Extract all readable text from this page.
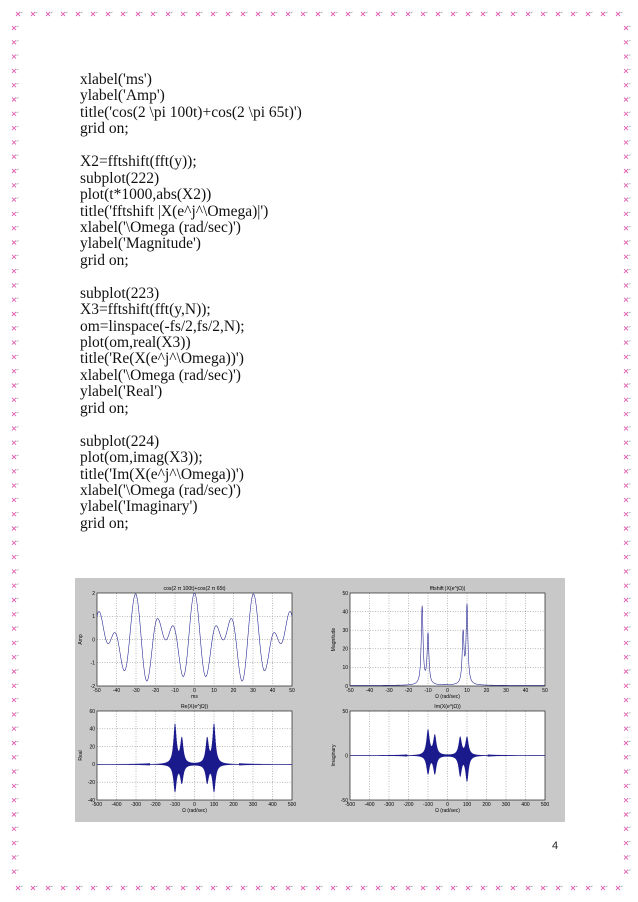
xlabel('ms')
ylabel('Amp')
title('cos(2 \pi 100t)+cos(2 \pi 65t)')
grid on;
X2=fftshift(fft(y));
subplot(222)
plot(t*1000,abs(X2))
title('fftshift |X(e^j^\Omega)|')
xlabel('\Omega (rad/sec)')
ylabel('Magnitude')
grid on;
subplot(223)
X3=fftshift(fft(y,N));
om=linspace(-fs/2,fs/2,N);
plot(om,real(X3))
title('Re(X(e^j^\Omega))')
xlabel('\Omega (rad/sec)')
ylabel('Real')
grid on;
subplot(224)
plot(om,imag(X3));
title('Im(X(e^j^\Omega))')
xlabel('\Omega (rad/sec)')
ylabel('Imaginary')
grid on;
-50 -40 -30 -20 -10	0	10	20	30	40	50
-2
-1
0
1
2
cos(2 π 100t)+cos(2 π 65t)
ms
Amp
-50 -40 -30 -20 -10	0	10	20	30	40	50
0
10
20
30
40
50
fftshift |X(e^jΩ)|
Ω (rad/sec)
Magnitude
-500 -400 -300 -200 -100	0	100 200 300 400 500
-40
-20
0
20
40
60
Re(X(e^jΩ))
Ω (rad/sec)
Real
-500 -400 -300 -200 -100	0	100 200 300 400 500
-50
0
50
Im(X(e^jΩ))
Ω (rad/sec)
Imaginary
4
